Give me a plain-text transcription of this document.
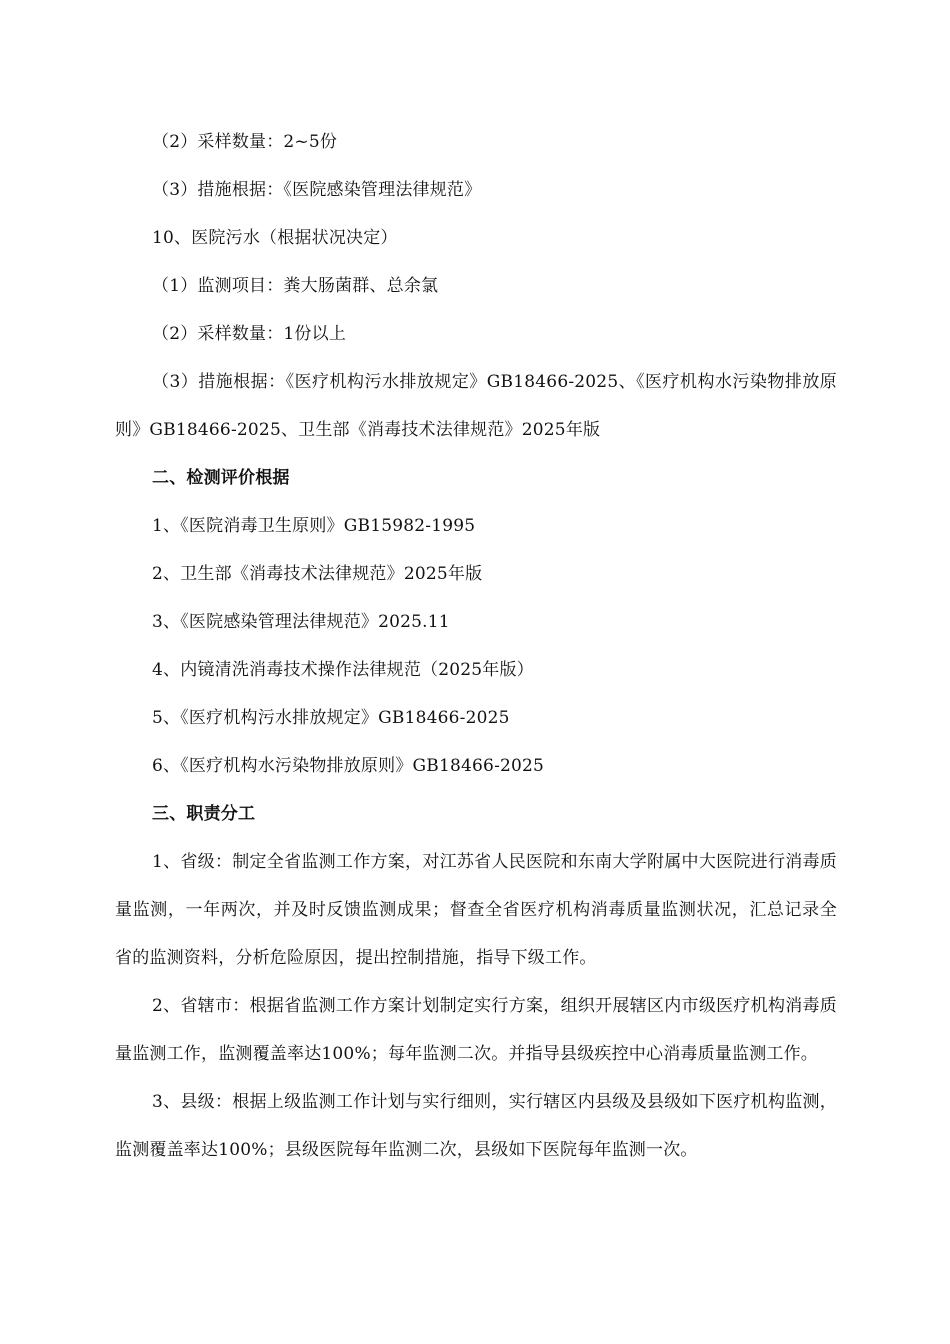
（2）采样数量：2~5份

（3）措施根据：《医院感染管理法律规范》

10、医院污水（根据状况决定）

（1）监测项目：粪大肠菌群、总余氯

（2）采样数量：1份以上

（3）措施根据：《医疗机构污水排放规定》GB18466-2025、《医疗机构水污染物排放原则》GB18466-2025、卫生部《消毒技术法律规范》2025年版

二、检测评价根据

1、《医院消毒卫生原则》GB15982-1995

2、卫生部《消毒技术法律规范》2025年版

3、《医院感染管理法律规范》2025.11

4、内镜清洗消毒技术操作法律规范（2025年版）

5、《医疗机构污水排放规定》GB18466-2025

6、《医疗机构水污染物排放原则》GB18466-2025

三、职责分工

1、省级：制定全省监测工作方案，对江苏省人民医院和东南大学附属中大医院进行消毒质量监测，一年两次，并及时反馈监测成果；督查全省医疗机构消毒质量监测状况，汇总记录全省的监测资料，分析危险原因，提出控制措施，指导下级工作。

2、省辖市：根据省监测工作方案计划制定实行方案，组织开展辖区内市级医疗机构消毒质量监测工作，监测覆盖率达100%；每年监测二次。并指导县级疾控中心消毒质量监测工作。

3、县级：根据上级监测工作计划与实行细则，实行辖区内县级及县级如下医疗机构监测，监测覆盖率达100%；县级医院每年监测二次，县级如下医院每年监测一次。
